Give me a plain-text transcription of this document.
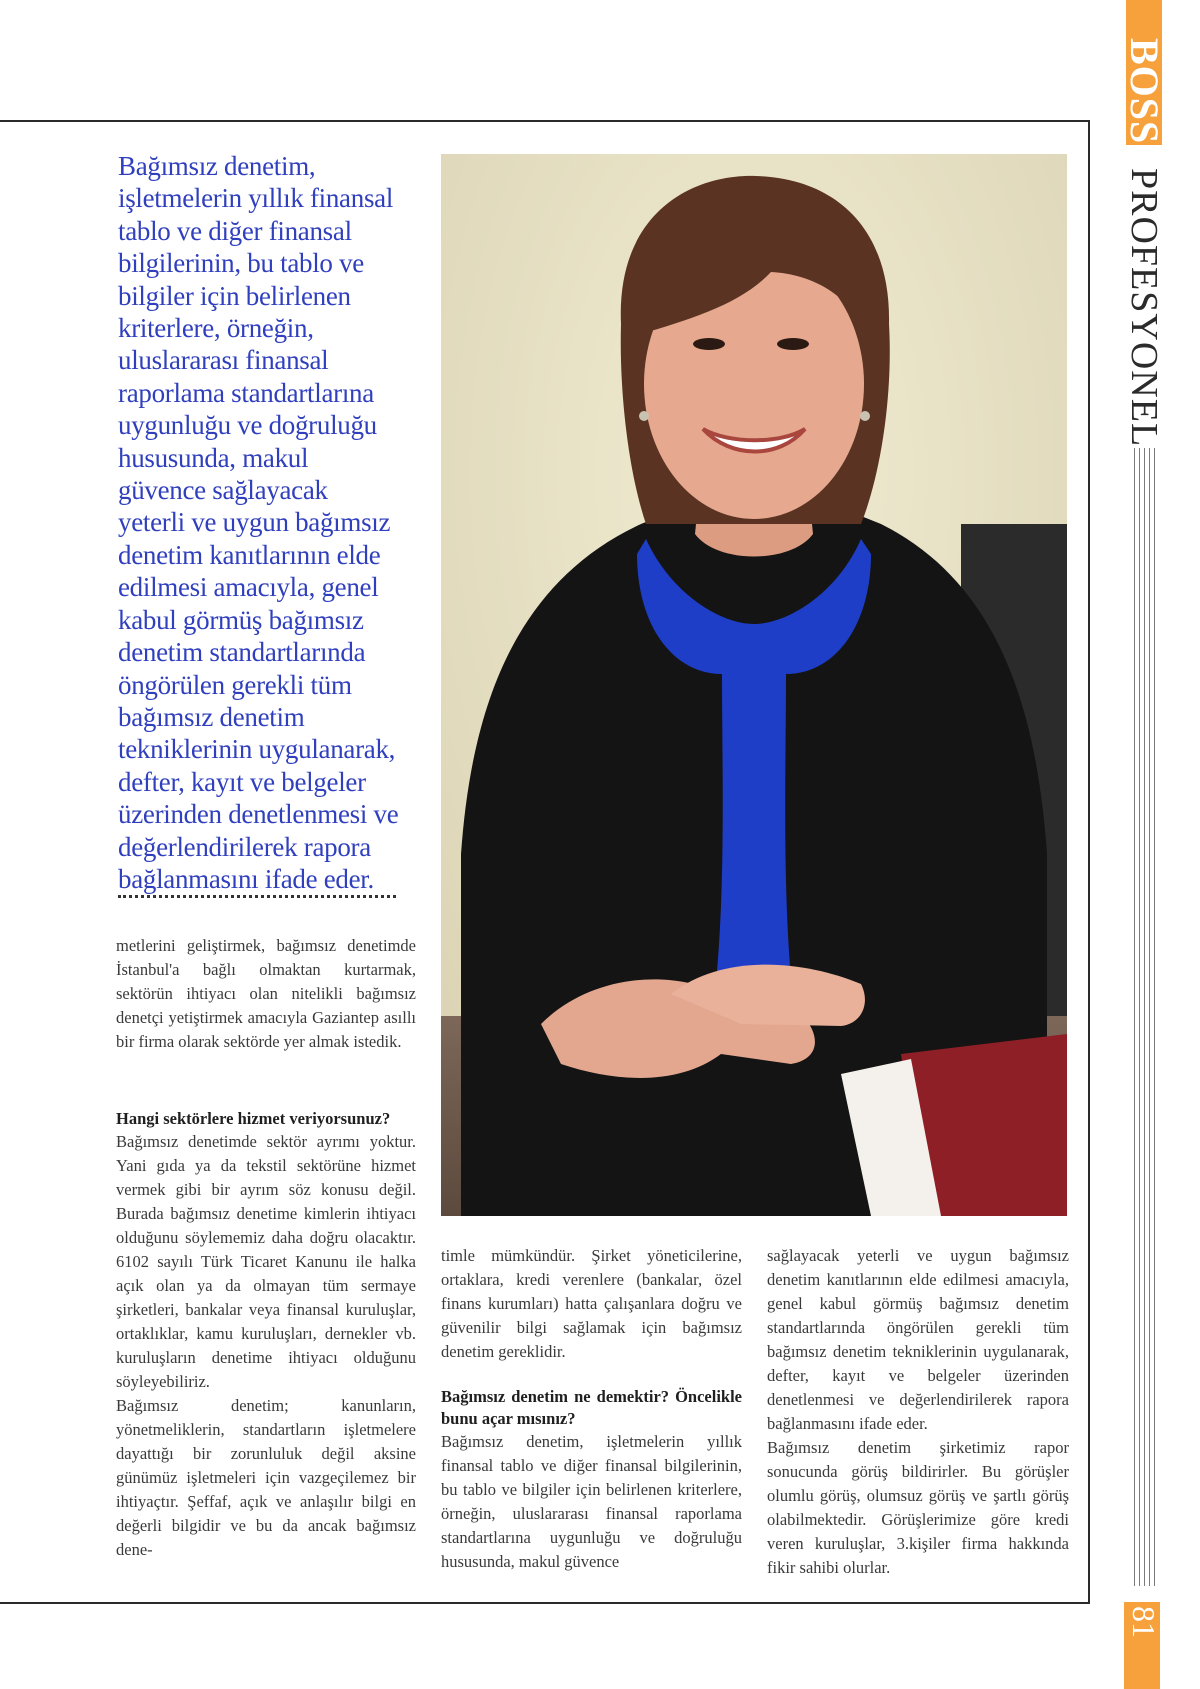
BOSS
PROFESYONEL
81
Bağımsız denetim,
işletmelerin yıllık finansal
tablo ve diğer finansal
bilgilerinin, bu tablo ve
bilgiler için belirlenen
kriterlere, örneğin,
uluslararası finansal
raporlama standartlarına
uygunluğu ve doğruluğu
hususunda, makul
güvence sağlayacak
yeterli ve uygun bağımsız
denetim kanıtlarının elde
edilmesi amacıyla, genel
kabul görmüş bağımsız
denetim standartlarında
öngörülen gerekli tüm
bağımsız denetim
tekniklerinin uygulanarak,
defter, kayıt ve belgeler
üzerinden denetlenmesi ve
değerlendirilerek rapora
bağlanmasını ifade eder.

metlerini geliştirmek, bağımsız denetimde İstanbul'a bağlı olmaktan kurtarmak, sektörün ihtiyacı olan nitelikli bağımsız denetçi yetiştirmek amacıyla Gaziantep asıllı bir firma olarak sektörde yer almak istedik.

Hangi sektörlere hizmet veriyorsunuz?

Bağımsız denetimde sektör ayrımı yoktur. Yani gıda ya da tekstil sektörüne hizmet vermek gibi bir ayrım söz konusu değil. Burada bağımsız denetime kimlerin ihtiyacı olduğunu söylememiz daha doğru olacaktır. 6102 sayılı Türk Ticaret Kanunu ile halka açık olan ya da olmayan tüm sermaye şirketleri, bankalar veya finansal kuruluşlar, ortaklıklar, kamu kuruluşları, dernekler vb. kuruluşların denetime ihtiyacı olduğunu söyleyebiliriz.

Bağımsız denetim; kanunların, yönetmeliklerin, standartların işletmelere dayattığı bir zorunluluk değil aksine günümüz işletmeleri için vazgeçilemez bir ihtiyaçtır. Şeffaf, açık ve anlaşılır bilgi en değerli bilgidir ve bu da ancak bağımsız dene-

timle mümkündür. Şirket yöneticilerine, ortaklara, kredi verenlere (bankalar, özel finans kurumları) hatta çalışanlara doğru ve güvenilir bilgi sağlamak için bağımsız denetim gereklidir.

Bağımsız denetim ne demektir? Öncelikle bunu açar mısınız?

Bağımsız denetim, işletmelerin yıllık finansal tablo ve diğer finansal bilgilerinin, bu tablo ve bilgiler için belirlenen kriterlere, örneğin, uluslararası finansal raporlama standartlarına uygunluğu ve doğruluğu hususunda, makul güvence

sağlayacak yeterli ve uygun bağımsız denetim kanıtlarının elde edilmesi amacıyla, genel kabul görmüş bağımsız denetim standartlarında öngörülen gerekli tüm bağımsız denetim tekniklerinin uygulanarak, defter, kayıt ve belgeler üzerinden denetlenmesi ve değerlendirilerek rapora bağlanmasını ifade eder.

Bağımsız denetim şirketimiz rapor sonucunda görüş bildirirler. Bu görüşler olumlu görüş, olumsuz görüş ve şartlı görüş olabilmektedir. Görüşlerimize göre kredi veren kuruluşlar, 3.kişiler firma hakkında fikir sahibi olurlar.
